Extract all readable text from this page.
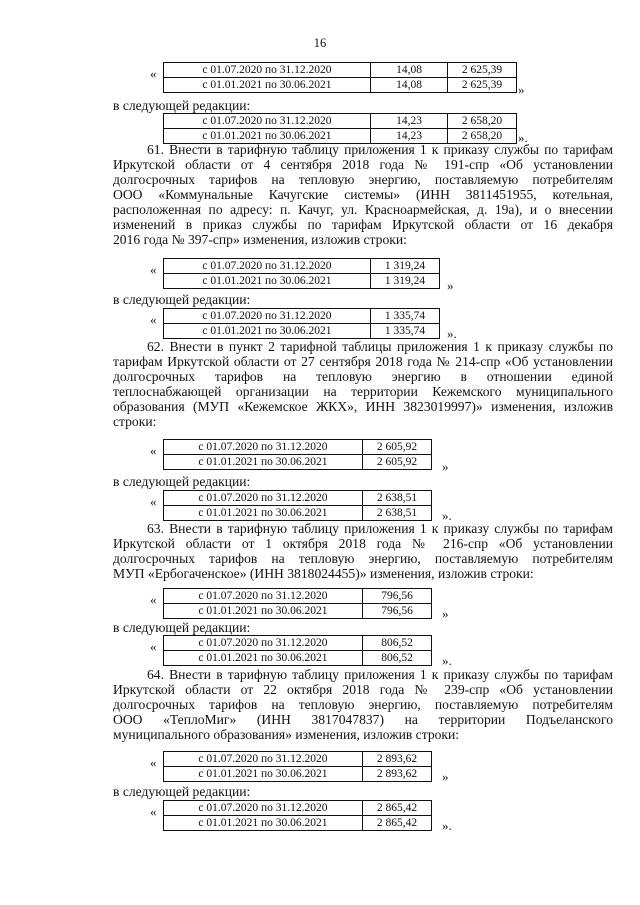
16
«	с 01.07.2020 по 31.12.2020	14,08	2 625,39
с 01.01.2021 по 30.06.2021	14,08	2 625,39 »
в следующей редакции:
с 01.07.2020 по 31.12.2020	14,23	2 658,20
с 01.01.2021 по 30.06.2021	14,23	2 658,20 ».
61. Внести в тарифную таблицу приложения 1 к приказу службы по тарифам
Иркутской области от 4 сентября 2018 года № 191-спр «Об установлении
долгосрочных тарифов на тепловую энергию, поставляемую потребителям
ООО «Коммунальные Качугские системы» (ИНН 3811451955, котельная,
расположенная по адресу: п. Качуг, ул. Красноармейская, д. 19а), и о внесении
изменений в приказ службы по тарифам Иркутской области от 16 декабря
2016 года № 397-спр» изменения, изложив строки:
«	с 01.07.2020 по 31.12.2020	1 319,24
с 01.01.2021 по 30.06.2021	1 319,24 »
в следующей редакции:
«	с 01.07.2020 по 31.12.2020	1 335,74
с 01.01.2021 по 30.06.2021	1 335,74 ».
62. Внести в пункт 2 тарифной таблицы приложения 1 к приказу службы по
тарифам Иркутской области от 27 сентября 2018 года № 214-спр «Об установлении
долгосрочных тарифов на тепловую энергию в отношении единой
теплоснабжающей организации на территории Кежемского муниципального
образования (МУП «Кежемское ЖКХ», ИНН 3823019997)» изменения, изложив
строки:
«	с 01.07.2020 по 31.12.2020	2 605,92
с 01.01.2021 по 30.06.2021	2 605,92 »
в следующей редакции:
«	с 01.07.2020 по 31.12.2020	2 638,51
с 01.01.2021 по 30.06.2021	2 638,51 ».
63. Внести в тарифную таблицу приложения 1 к приказу службы по тарифам
Иркутской области от 1 октября 2018 года № 216-спр «Об установлении
долгосрочных тарифов на тепловую энергию, поставляемую потребителям
МУП «Ербогаченское» (ИНН 3818024455)» изменения, изложив строки:
«	с 01.07.2020 по 31.12.2020	796,56
с 01.01.2021 по 30.06.2021	796,56 »
в следующей редакции:
«	с 01.07.2020 по 31.12.2020	806,52
с 01.01.2021 по 30.06.2021	806,52 ».
64. Внести в тарифную таблицу приложения 1 к приказу службы по тарифам
Иркутской области от 22 октября 2018 года № 239-спр «Об установлении
долгосрочных тарифов на тепловую энергию, поставляемую потребителям
ООО «ТеплоМиг» (ИНН 3817047837) на территории Подъеланского
муниципального образования» изменения, изложив строки:
«	с 01.07.2020 по 31.12.2020	2 893,62
с 01.01.2021 по 30.06.2021	2 893,62 »
в следующей редакции:
«	с 01.07.2020 по 31.12.2020	2 865,42
с 01.01.2021 по 30.06.2021	2 865,42 ».
